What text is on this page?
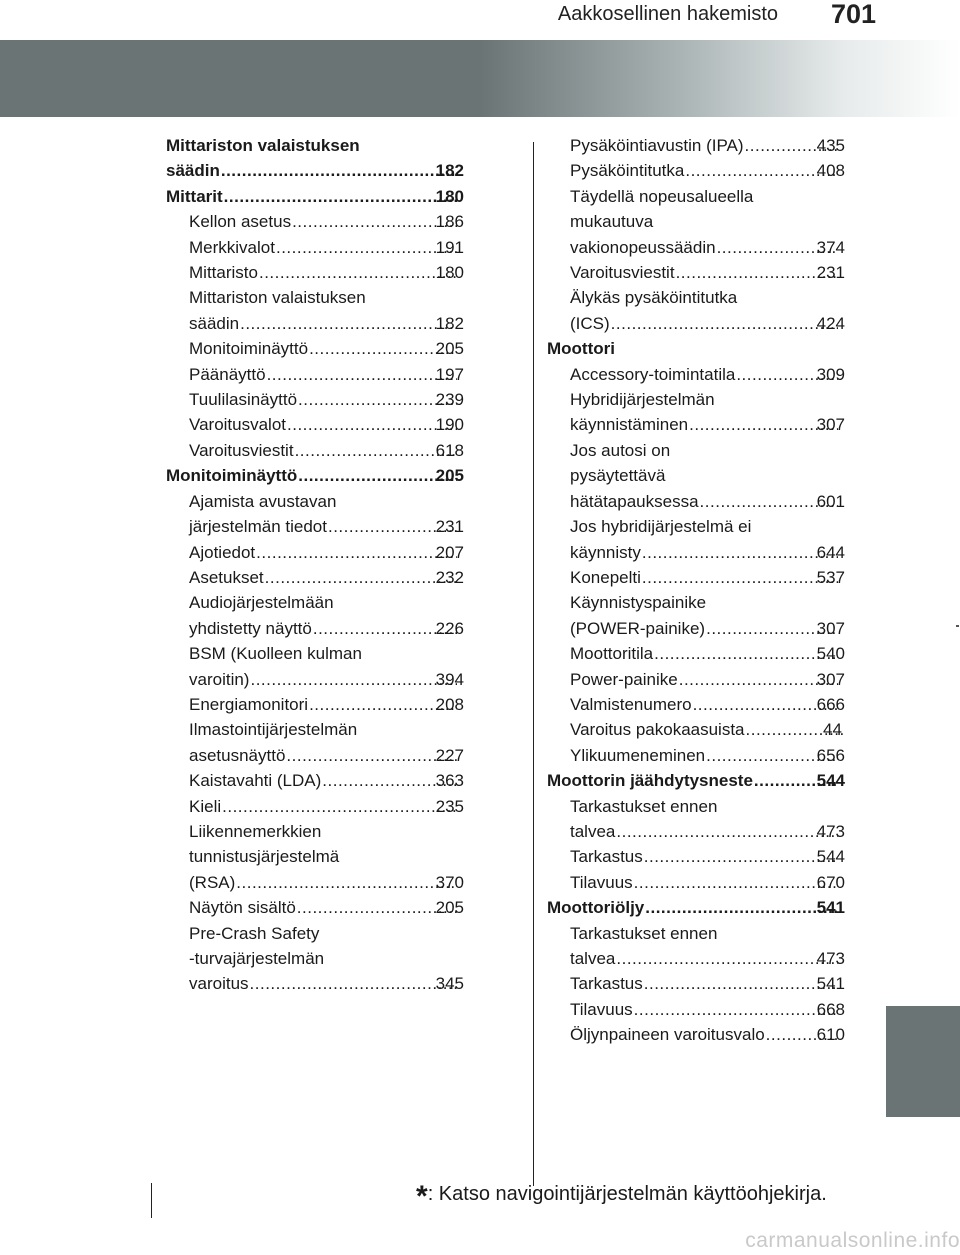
Aakkosellinen hakemisto 701
Mittariston valaistuksen
säädin .....	182
Mittarit .....	180
Kellon asetus .....	186
Merkkivalot .....	191
Mittaristo .....	180
Mittariston valaistuksen
säädin .....	182
Monitoiminäyttö .....	205
Päänäyttö .....	197
Tuulilasinäyttö .....	239
Varoitusvalot .....	190
Varoitusviestit .....	618
Monitoiminäyttö .....	205
Ajamista avustavan
järjestelmän tiedot .....	231
Ajotiedot .....	207
Asetukset .....	232
Audiojärjestelmään
yhdistetty näyttö .....	226
BSM (Kuolleen kulman
varoitin) .....	394
Energiamonitori .....	208
Ilmastointijärjestelmän
asetusnäyttö .....	227
Kaistavahti (LDA) .....	363
Kieli .....	235
Liikennemerkkien
tunnistusjärjestelmä
(RSA) .....	370
Näytön sisältö .....	205
Pre-Crash Safety
-turvajärjestelmän
varoitus .....	345
Pysäköintiavustin (IPA) .....	435
Pysäköintitutka .....	408
Täydellä nopeusalueella
mukautuva
vakionopeussäädin .....	374
Varoitusviestit .....	231
Älykäs pysäköintitutka
(ICS) .....	424
Moottori
Accessory-toimintatila .....	309
Hybridijärjestelmän
käynnistäminen .....	307
Jos autosi on
pysäytettävä
hätätapauksessa .....	601
Jos hybridijärjestelmä ei
käynnisty .....	644
Konepelti .....	537
Käynnistyspainike
(POWER-painike) .....	307
Moottoritila .....	540
Power-painike .....	307
Valmistenumero .....	666
Varoitus pakokaasuista .....	44
Ylikuumeneminen .....	656
Moottorin jäähdytysneste .....	544
Tarkastukset ennen
talvea .....	473
Tarkastus .....	544
Tilavuus .....	670
Moottoriöljy .....	541
Tarkastukset ennen
talvea .....	473
Tarkastus .....	541
Tilavuus .....	668
Öljynpaineen varoitusvalo .....	610
*: Katso navigointijärjestelmän käyttöohjekirja.
carmanualsonline.info
